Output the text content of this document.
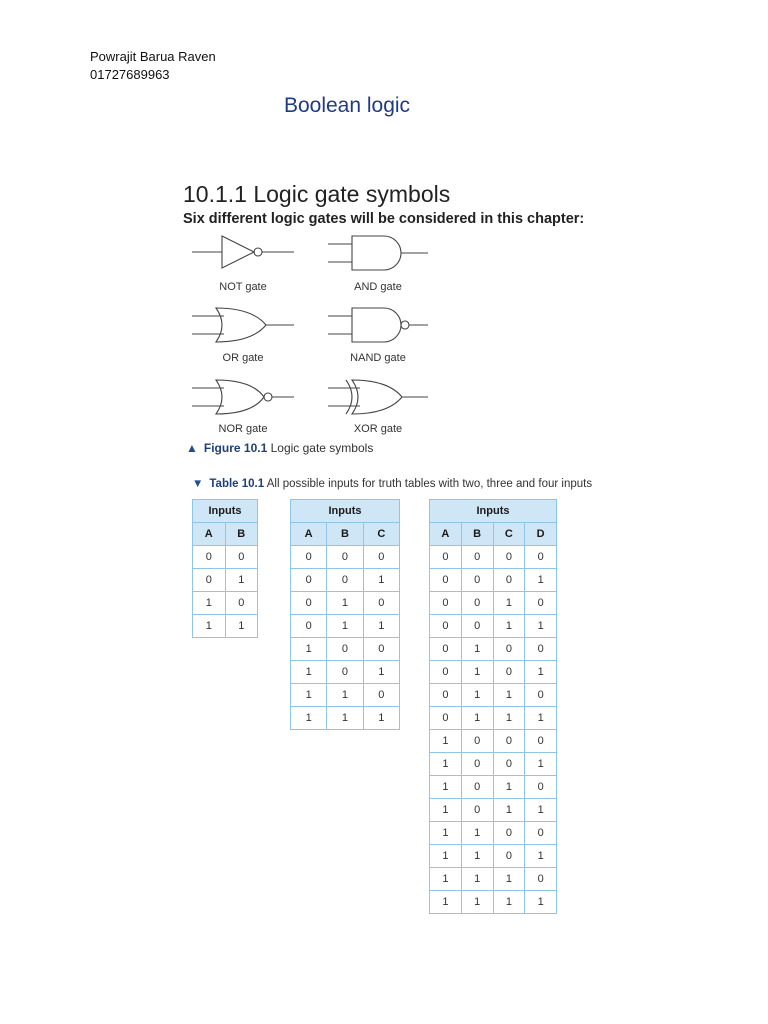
Powrajit Barua Raven
01727689963
Boolean logic
10.1.1 Logic gate symbols
Six different logic gates will be considered in this chapter:
NOT gate	AND gate
OR gate	NAND gate
NOR gate	XOR gate
▲ Figure 10.1 Logic gate symbols
▼ Table 10.1 All possible inputs for truth tables with two, three and four inputs
Inputs	
A	B
0	0
0	1
1	0
1	1
Inputs		
A	B	C
0	0	0
0	0	1
0	1	0
0	1	1
1	0	0
1	0	1
1	1	0
1	1	1
Inputs			
A	B	C	D
0	0	0	0
0	0	0	1
0	0	1	0
0	0	1	1
0	1	0	0
0	1	0	1
0	1	1	0
0	1	1	1
1	0	0	0
1	0	0	1
1	0	1	0
1	0	1	1
1	1	0	0
1	1	0	1
1	1	1	0
1	1	1	1
